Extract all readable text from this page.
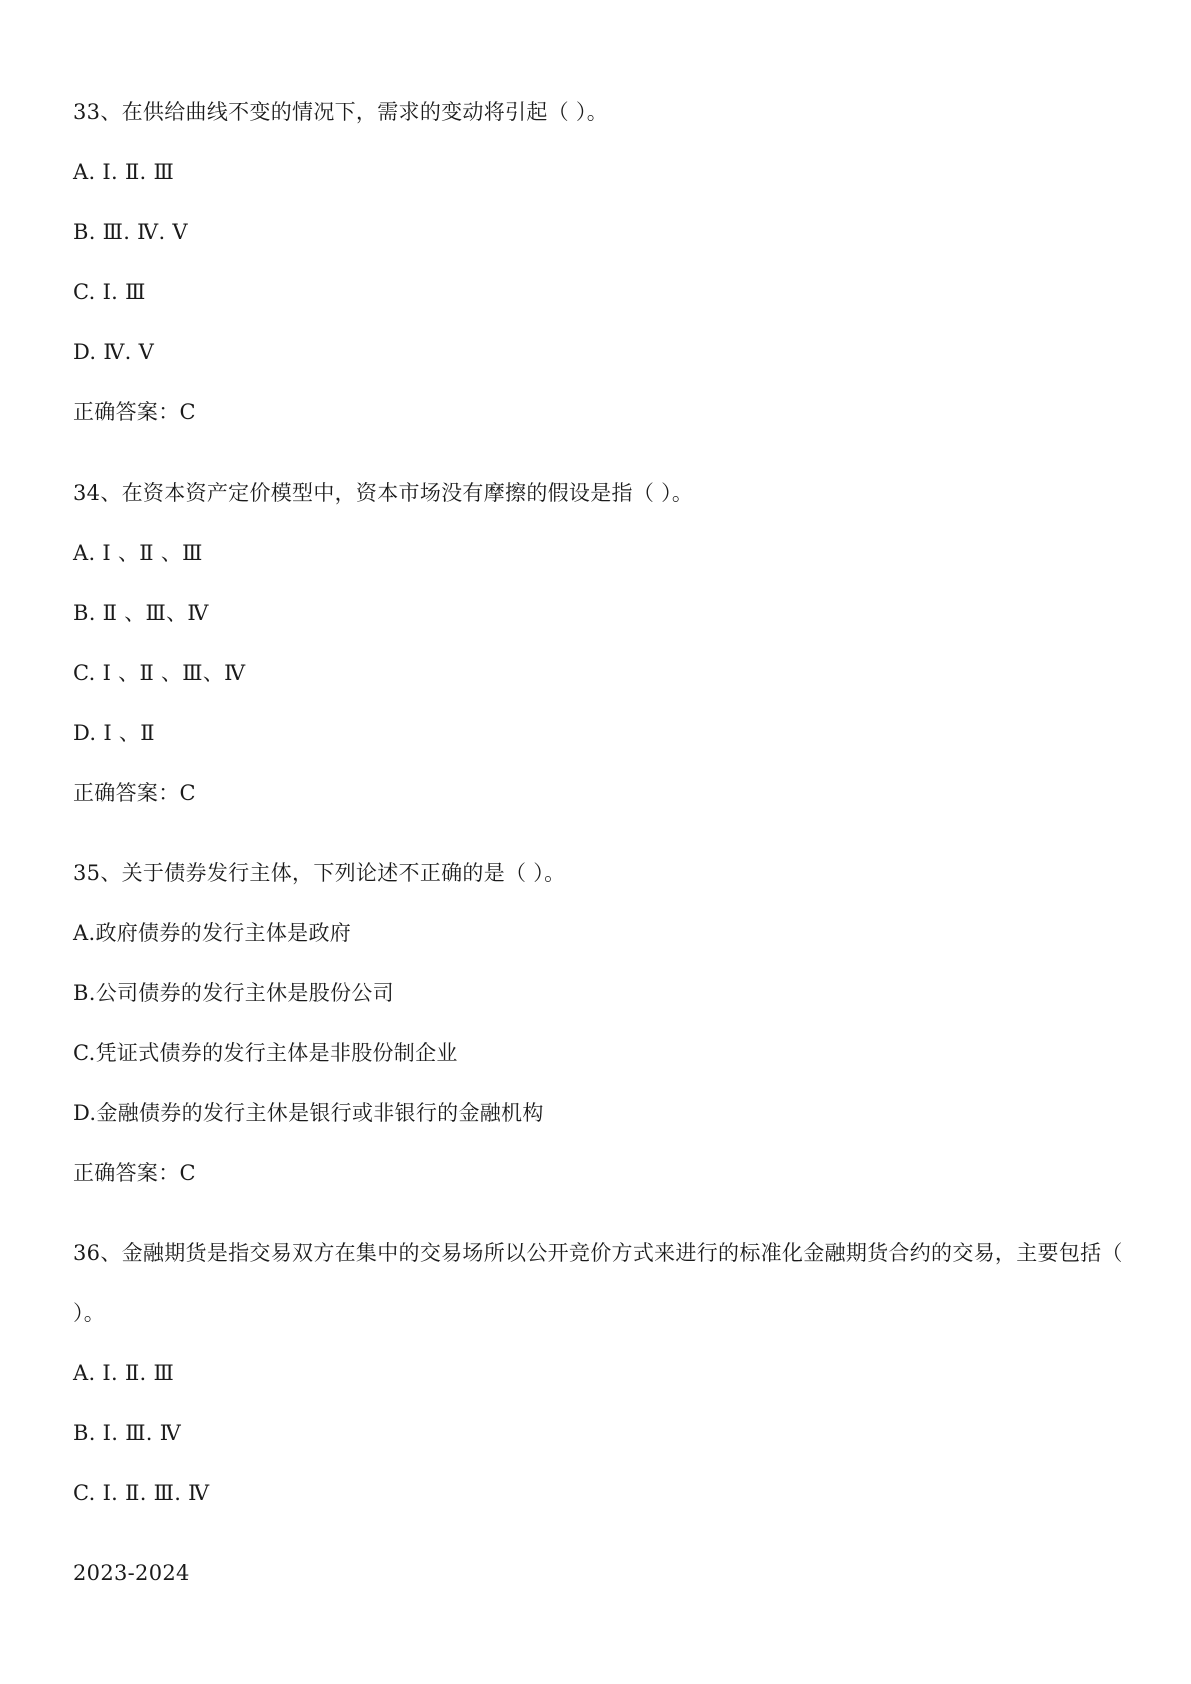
33、在供给曲线不变的情况下，需求的变动将引起（ ）。
A. Ⅰ. Ⅱ. Ⅲ
B. Ⅲ. Ⅳ. Ⅴ
C. Ⅰ. Ⅲ
D. Ⅳ. Ⅴ
正确答案：C
34、在资本资产定价模型中，资本市场没有摩擦的假设是指（ ）。
A. Ⅰ 、Ⅱ 、Ⅲ
B. Ⅱ 、Ⅲ、Ⅳ
C. Ⅰ 、Ⅱ 、Ⅲ、Ⅳ
D. Ⅰ 、Ⅱ
正确答案：C
35、关于债券发行主体，下列论述不正确的是（ ）。
A.政府债券的发行主体是政府
B.公司债券的发行主休是股份公司
C.凭证式债券的发行主体是非股份制企业
D.金融债券的发行主休是银行或非银行的金融机构
正确答案：C
36、金融期货是指交易双方在集中的交易场所以公开竞价方式来进行的标准化金融期货合约的交易，主要包括（ ）。
A. Ⅰ. Ⅱ. Ⅲ
B. Ⅰ. Ⅲ. Ⅳ
C. Ⅰ. Ⅱ. Ⅲ. Ⅳ
2023-2024
